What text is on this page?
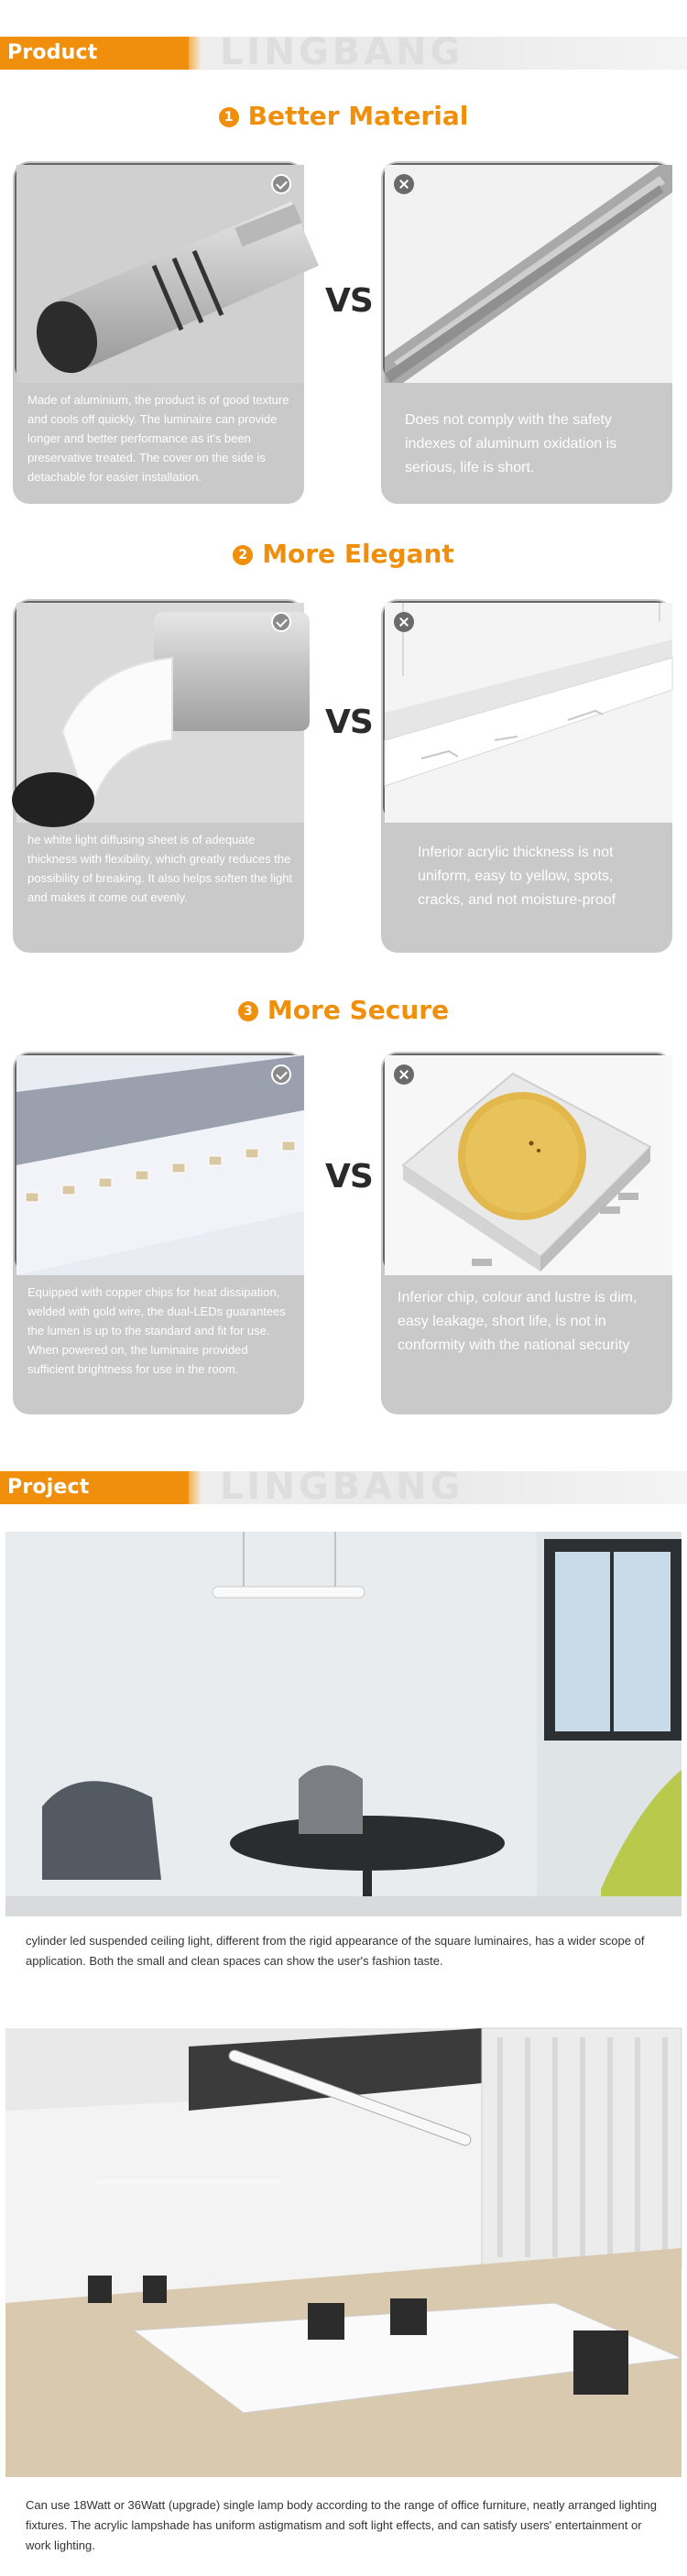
Product Advantage
LINGBANG
1 Better Material
Made of aluminium, the product is of good texture and cools off quickly. The luminaire can provide longer and better performance as it's been preservative treated. The cover on the side is detachable for easier installation.
VS
Does not comply with the safety indexes of aluminum oxidation is serious, life is short.
2 More Elegant
he white light diffusing sheet is of adequate thickness with flexibility, which greatly reduces the possibility of breaking. It also helps soften the light and makes it come out evenly.
VS
Inferior acrylic thickness is not uniform, easy to yellow, spots, cracks, and not moisture-proof
3 More Secure
Equipped with copper chips for heat dissipation, welded with gold wire, the dual-LEDs guarantees the lumen is up to the standard and fit for use. When powered on, the luminaire provided sufficient brightness for use in the room.
VS
Inferior chip, colour and lustre is dim, easy leakage, short life, is not in conformity with the national security
Project Example
LINGBANG
cylinder led suspended ceiling light, different from the rigid appearance of the square luminaires, has a wider scope of application. Both the small and clean spaces can show the user's fashion taste.
Can use 18Watt or 36Watt (upgrade) single lamp body according to the range of office furniture, neatly arranged lighting fixtures. The acrylic lampshade has uniform astigmatism and soft light effects, and can satisfy users' entertainment or work lighting.
